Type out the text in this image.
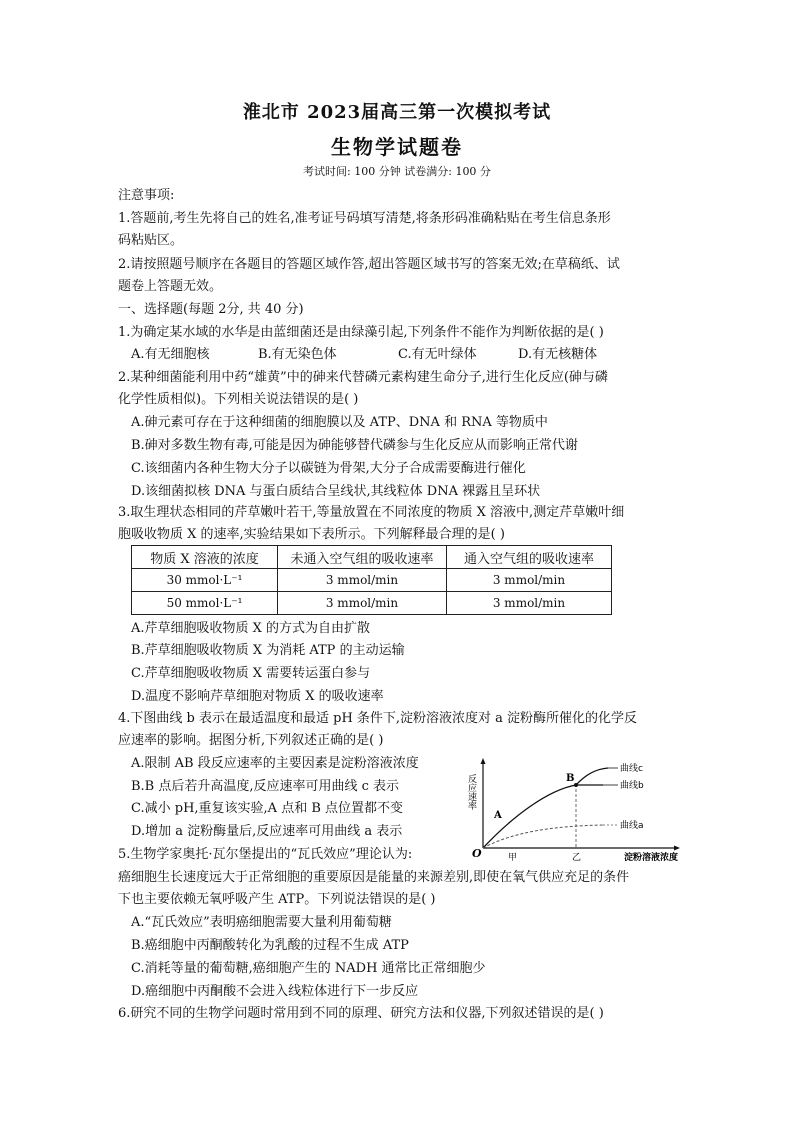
淮北市 2023届高三第一次模拟考试
生物学试题卷
考试时间: 100 分钟 试卷满分: 100 分
注意事项:
1.答题前,考生先将自己的姓名,准考证号码填写清楚,将条形码准确粘贴在考生信息条形
码粘贴区。
2.请按照题号顺序在各题目的答题区域作答,超出答题区域书写的答案无效;在草稿纸、试
题卷上答题无效。
一、选择题(每题 2分, 共 40 分)
1.为确定某水域的水华是由蓝细菌还是由绿藻引起,下列条件不能作为判断依据的是( )
A.有无细胞核	B.有无染色体	C.有无叶绿体	D.有无核糖体
2.某种细菌能利用中药“雄黄”中的砷来代替磷元素构建生命分子,进行生化反应(砷与磷
化学性质相似)。下列相关说法错误的是( )
A.砷元素可存在于这种细菌的细胞膜以及 ATP、DNA 和 RNA 等物质中
B.砷对多数生物有毒,可能是因为砷能够替代磷参与生化反应从而影响正常代谢
C.该细菌内各种生物大分子以碳链为骨架,大分子合成需要酶进行催化
D.该细菌拟核 DNA 与蛋白质结合呈线状,其线粒体 DNA 裸露且呈环状
3.取生理状态相同的芹草嫩叶若干,等量放置在不同浓度的物质 X 溶液中,测定芹草嫩叶细
胞吸收物质 X 的速率,实验结果如下表所示。下列解释最合理的是( )
物质 X 溶液的浓度	未通入空气组的吸收速率	通入空气组的吸收速率
30 mmol·L⁻¹	3 mmol/min	3 mmol/min
50 mmol·L⁻¹	3 mmol/min	3 mmol/min
A.芹草细胞吸收物质 X 的方式为自由扩散
B.芹草细胞吸收物质 X 为消耗 ATP 的主动运输
C.芹草细胞吸收物质 X 需要转运蛋白参与
D.温度不影响芹草细胞对物质 X 的吸收速率
4.下图曲线 b 表示在最适温度和最适 pH 条件下,淀粉溶液浓度对 a 淀粉酶所催化的化学反
应速率的影响。据图分析,下列叙述正确的是( )
A.限制 AB 段反应速率的主要因素是淀粉溶液浓度
B.B 点后若升高温度,反应速率可用曲线 c 表示
C.减小 pH,重复该实验,A 点和 B 点位置都不变
D.增加 a 淀粉酶量后,反应速率可用曲线 a 表示
反应速率
淀粉溶液浓度
O	甲	乙
A
B
曲线c
曲线b
曲线a
5.生物学家奥托·瓦尔堡提出的“瓦氏效应”理论认为:
癌细胞生长速度远大于正常细胞的重要原因是能量的来源差别,即使在氧气供应充足的条件
下也主要依赖无氧呼吸产生 ATP。下列说法错误的是( )
A.“瓦氏效应”表明癌细胞需要大量利用葡萄糖
B.癌细胞中丙酮酸转化为乳酸的过程不生成 ATP
C.消耗等量的葡萄糖,癌细胞产生的 NADH 通常比正常细胞少
D.癌细胞中丙酮酸不会进入线粒体进行下一步反应
6.研究不同的生物学问题时常用到不同的原理、研究方法和仪器,下列叙述错误的是( )
